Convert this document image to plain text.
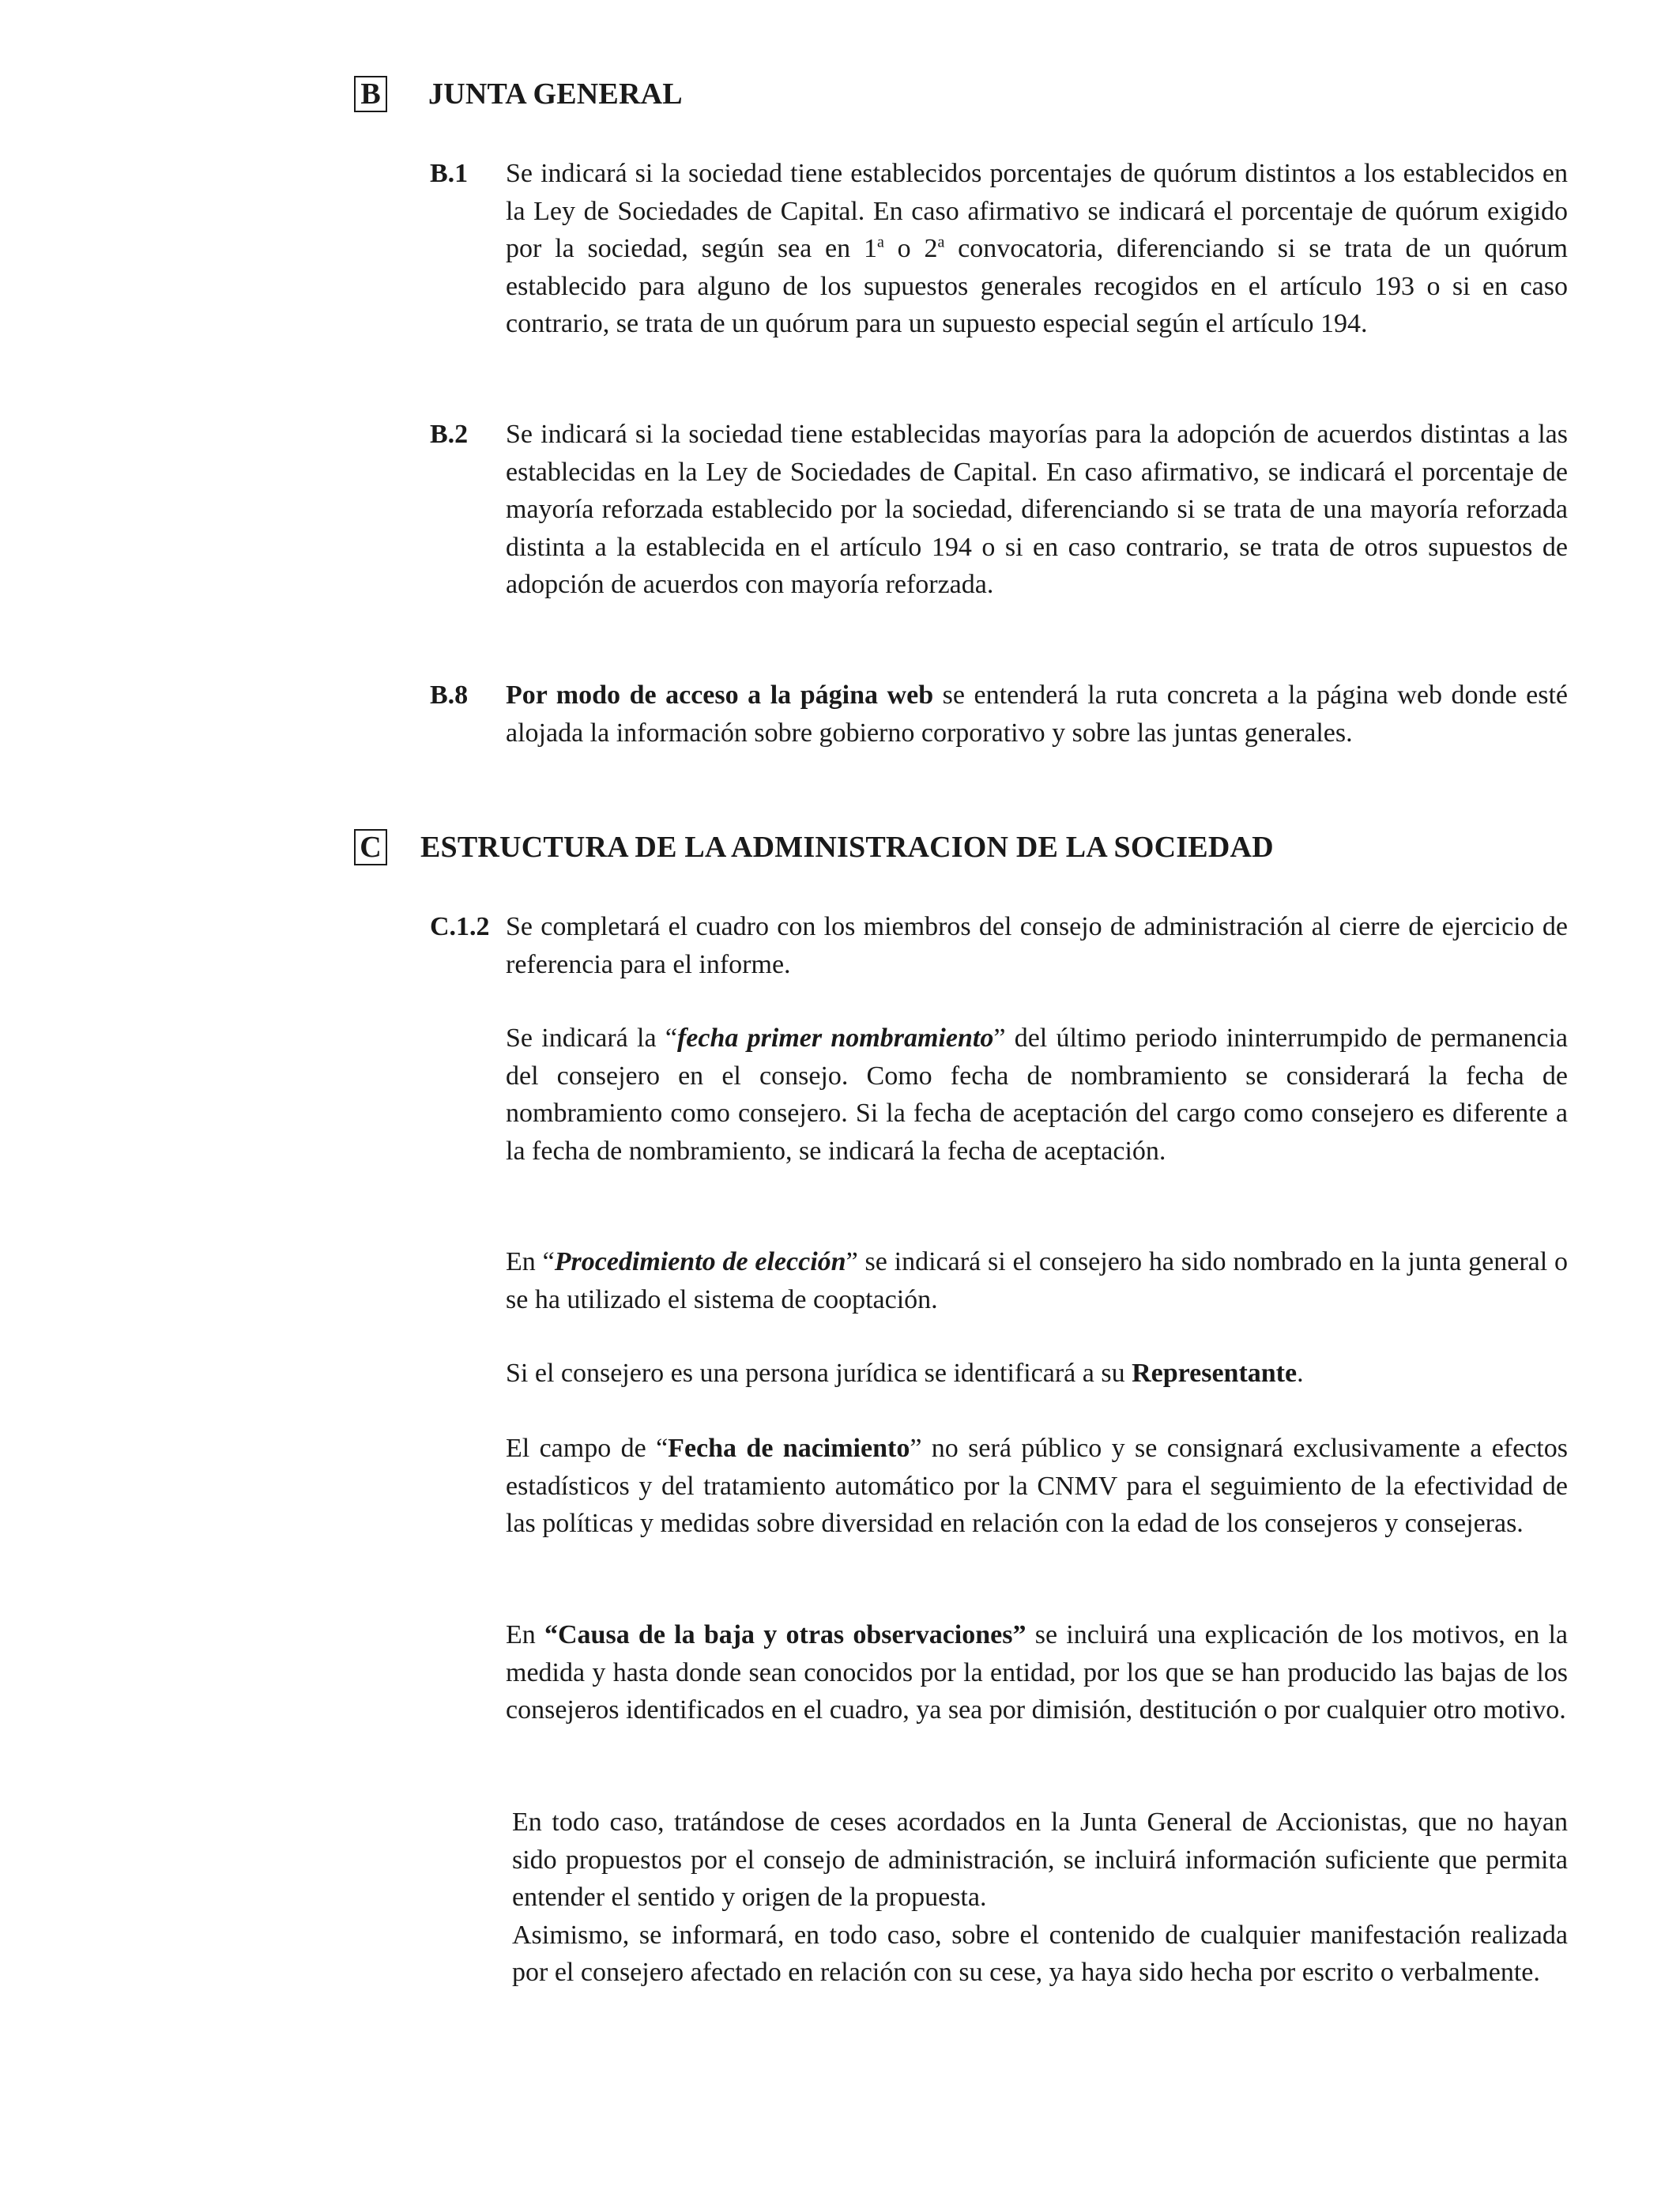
B JUNTA GENERAL
B.1	Se indicará si la sociedad tiene establecidos porcentajes de quórum distintos a los establecidos en la Ley de Sociedades de Capital. En caso afirmativo se indicará el porcentaje de quórum exigido por la sociedad, según sea en 1$^a$ o 2$^a$ convocatoria, diferenciando si se trata de un quórum establecido para alguno de los supuestos generales recogidos en el artículo 193 o si en caso contrario, se trata de un quórum para un supuesto especial según el artículo 194.

B.2	Se indicará si la sociedad tiene establecidas mayorías para la adopción de acuerdos distintas a las establecidas en la Ley de Sociedades de Capital. En caso afirmativo, se indicará el porcentaje de mayoría reforzada establecido por la sociedad, diferenciando si se trata de una mayoría reforzada distinta a la establecida en el artículo 194 o si en caso contrario, se trata de otros supuestos de adopción de acuerdos con mayoría reforzada.

B.8	Por modo de acceso a la página web se entenderá la ruta concreta a la página web donde esté alojada la información sobre gobierno corporativo y sobre las juntas generales.

C ESTRUCTURA DE LA ADMINISTRACION DE LA SOCIEDAD
C.1.2 Se completará el cuadro con los miembros del consejo de administración al cierre de ejercicio de referencia para el informe.

Se indicará la “fecha primer nombramiento” del último periodo ininterrumpido de permanencia del consejero en el consejo. Como fecha de nombramiento se considerará la fecha de nombramiento como consejero. Si la fecha de aceptación del cargo como consejero es diferente a la fecha de nombramiento, se indicará la fecha de aceptación.

En “Procedimiento de elección” se indicará si el consejero ha sido nombrado en la junta general o se ha utilizado el sistema de cooptación.

Si el consejero es una persona jurídica se identificará a su Representante.

El campo de “Fecha de nacimiento” no será público y se consignará exclusivamente a efectos estadísticos y del tratamiento automático por la CNMV para el seguimiento de la efectividad de las políticas y medidas sobre diversidad en relación con la edad de los consejeros y consejeras.

En “Causa de la baja y otras observaciones” se incluirá una explicación de los motivos, en la medida y hasta donde sean conocidos por la entidad, por los que se han producido las bajas de los consejeros identificados en el cuadro, ya sea por dimisión, destitución o por cualquier otro motivo.

En todo caso, tratándose de ceses acordados en la Junta General de Accionistas, que no hayan sido propuestos por el consejo de administración, se incluirá información suficiente que permita entender el sentido y origen de la propuesta.

Asimismo, se informará, en todo caso, sobre el contenido de cualquier manifestación realizada por el consejero afectado en relación con su cese, ya haya sido hecha por escrito o verbalmente.
